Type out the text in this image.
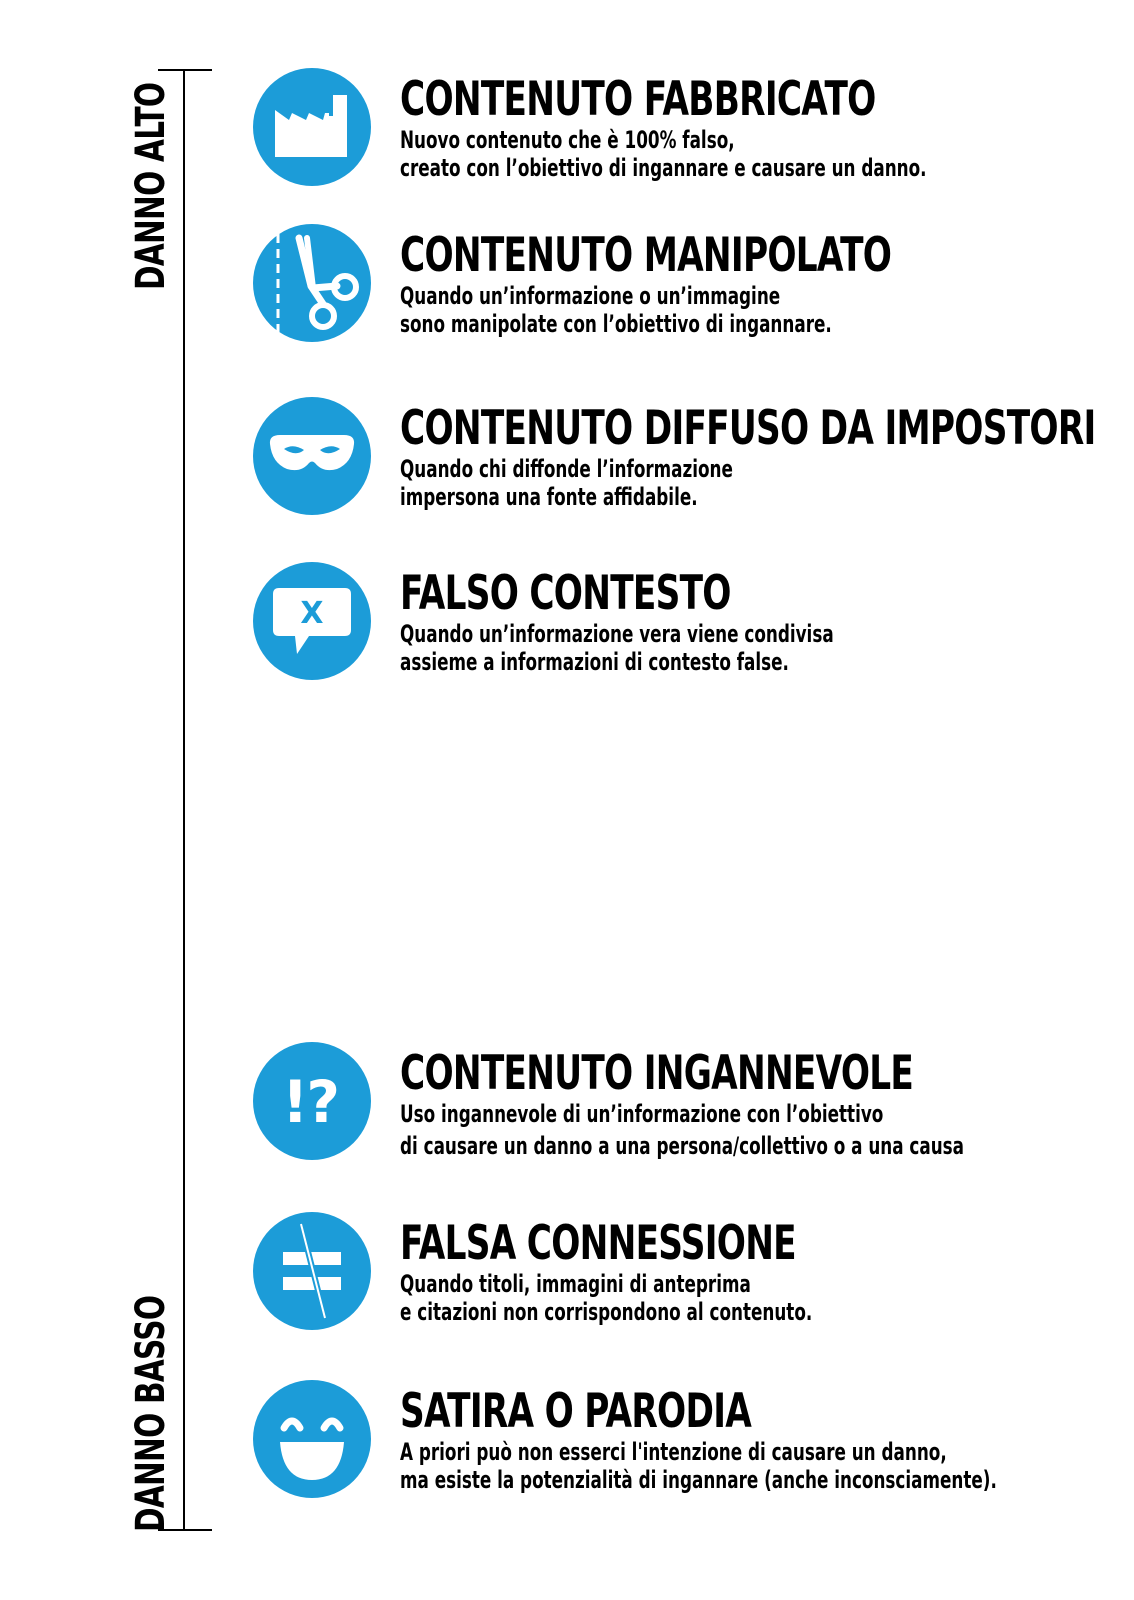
DANNO ALTO
DANNO BASSO
CONTENUTO FABBRICATO
Nuovo contenuto che è 100% falso,
creato con l’obiettivo di ingannare e causare un danno.
CONTENUTO MANIPOLATO
Quando un’informazione o un’immagine
sono manipolate con l’obiettivo di ingannare.
CONTENUTO DIFFUSO DA IMPOSTORI
Quando chi diffonde l’informazione
impersona una fonte affidabile.
X FALSO CONTESTO
Quando un’informazione vera viene condivisa
assieme a informazioni di contesto false.
!? CONTENUTO INGANNEVOLE
Uso ingannevole di un’informazione con l’obiettivo
di causare un danno a una persona/collettivo o a una causa
FALSA CONNESSIONE
Quando titoli, immagini di anteprima
e citazioni non corrispondono al contenuto.
SATIRA O PARODIA
A priori può non esserci l'intenzione di causare un danno,
ma esiste la potenzialità di ingannare (anche inconsciamente).
